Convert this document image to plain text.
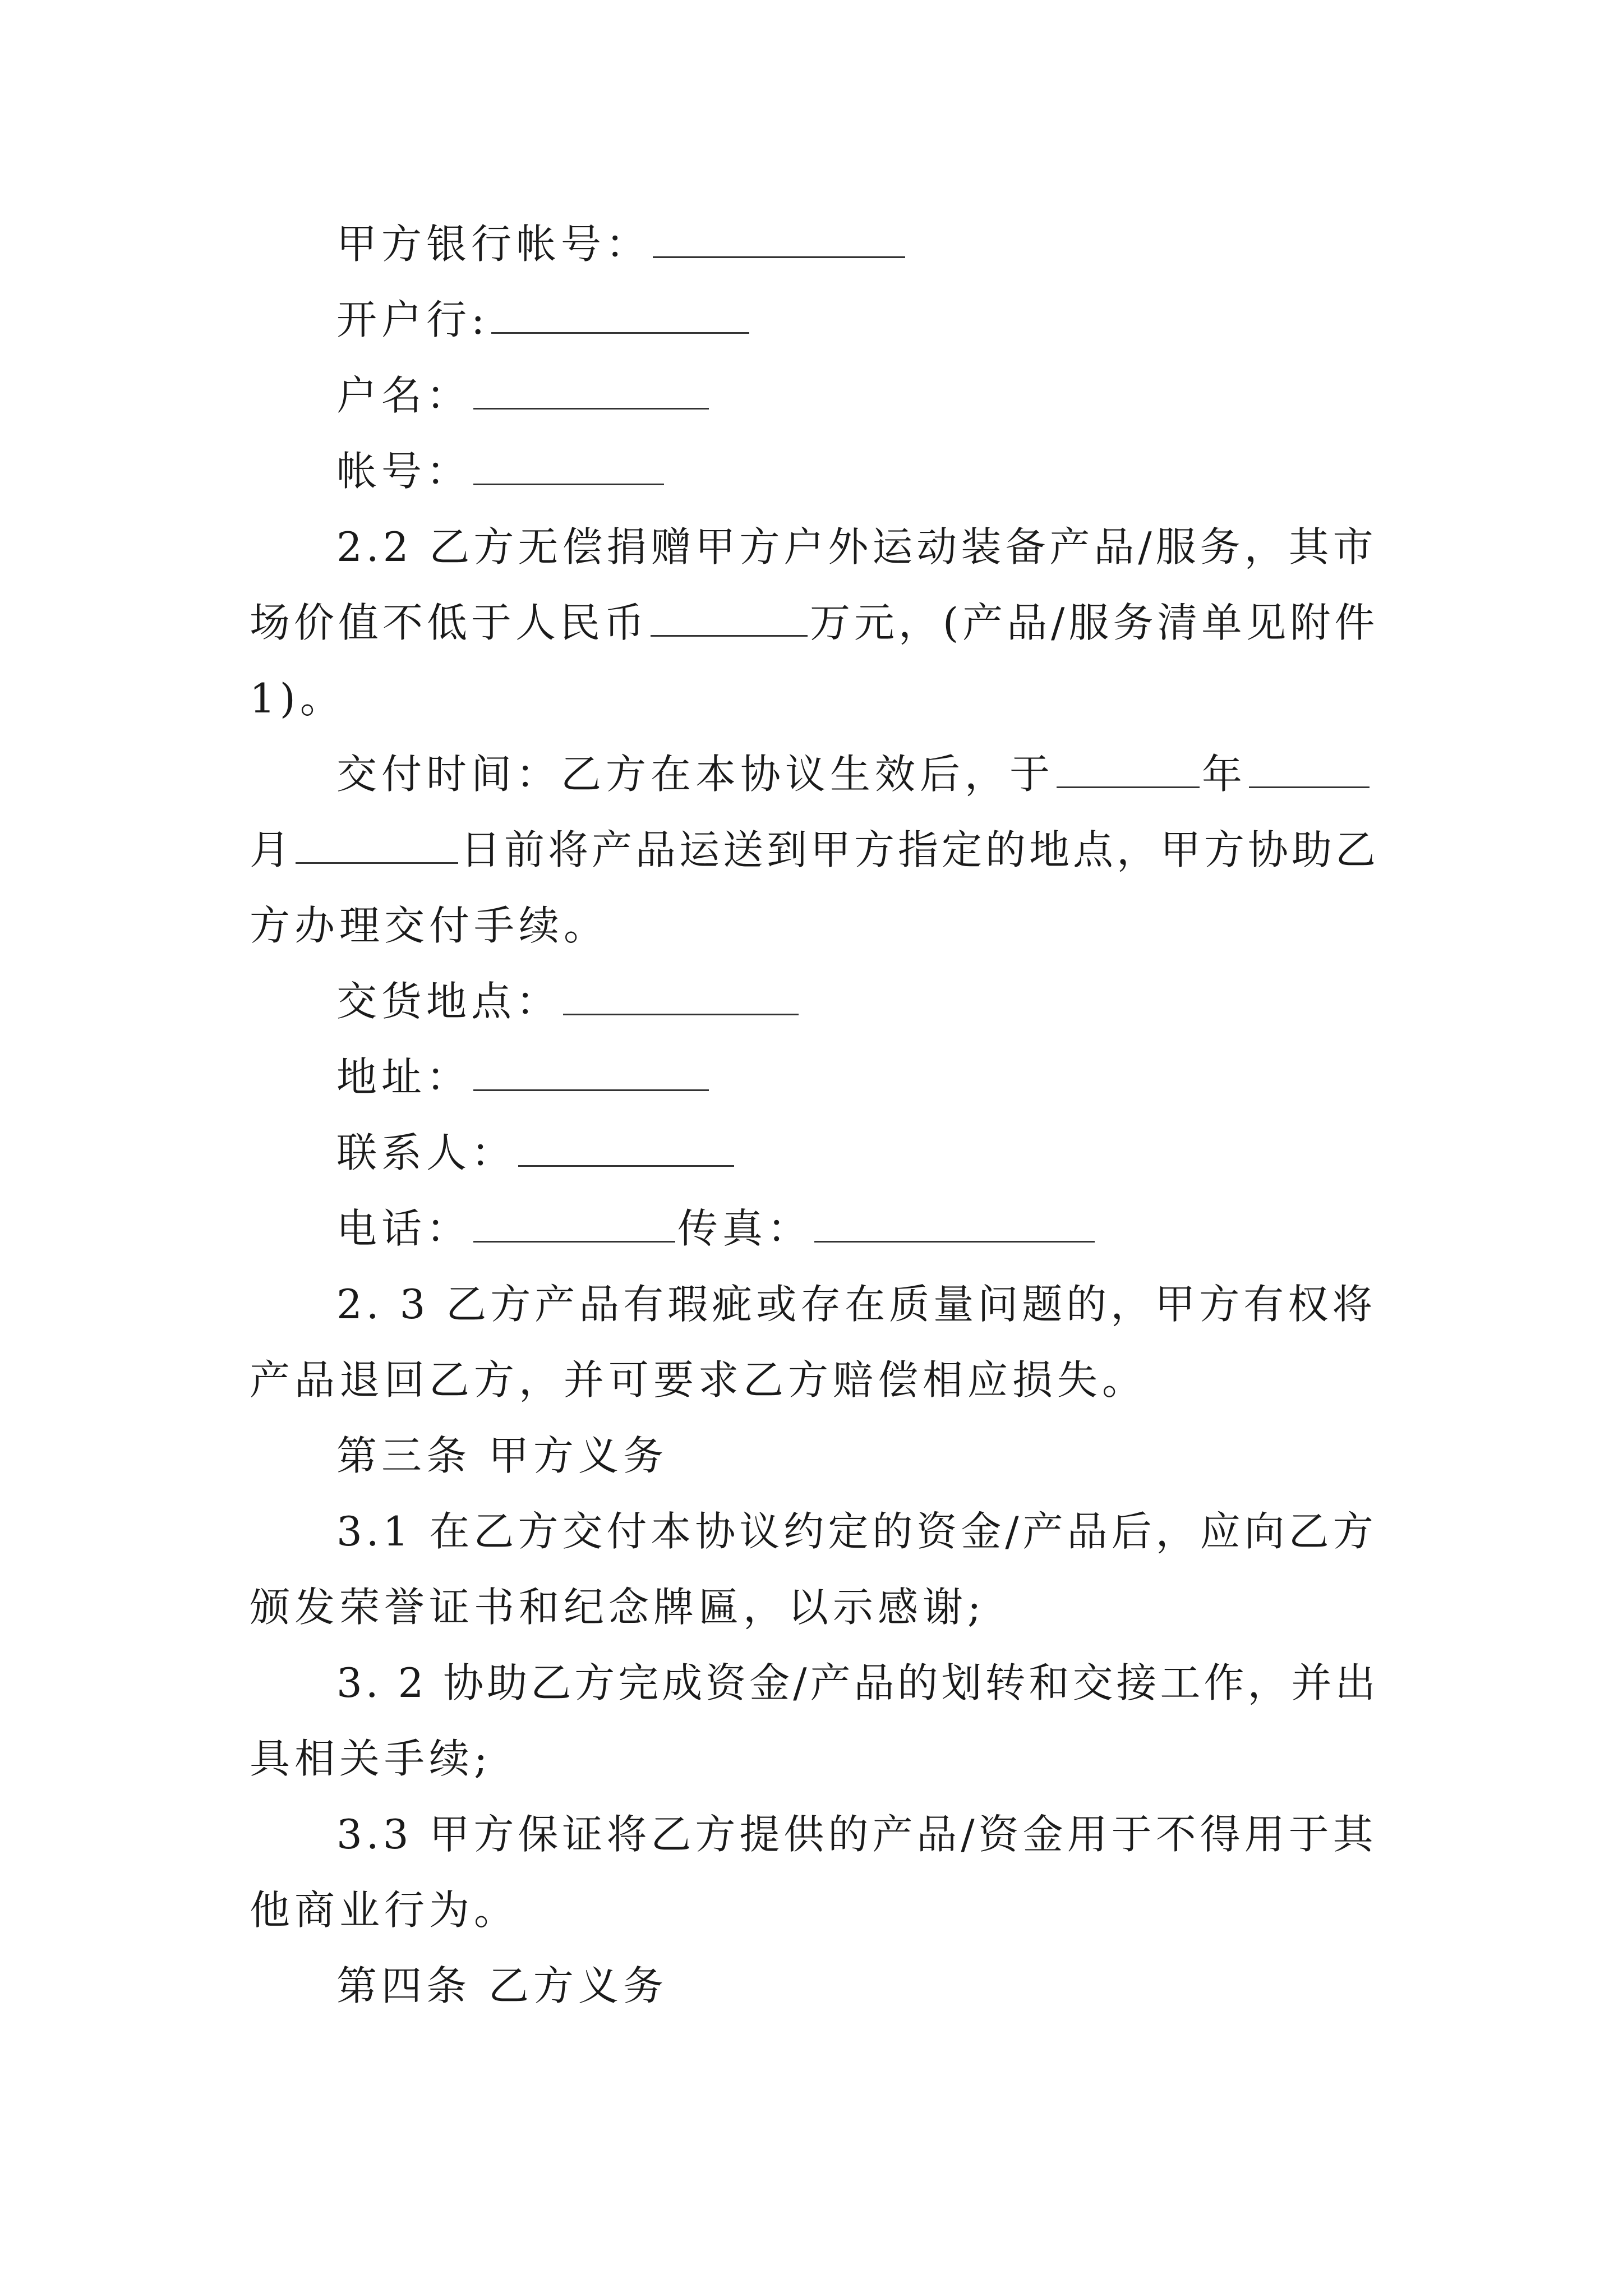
甲方银行帐号：

开户行:

户名：

帐号：

2.2 乙方无偿捐赠甲方户外运动装备产品/服务，其市

场价值不低于人民币	万元，(产品/服务清单见附件

1)。

交付时间：乙方在本协议生效后，于	年

月	日前将产品运送到甲方指定的地点，甲方协助乙

方办理交付手续。

交货地点：

地址：

联系人：

电话：	传真：

2. 3 乙方产品有瑕疵或存在质量问题的，甲方有权将

产品退回乙方，并可要求乙方赔偿相应损失。

第三条 甲方义务

3.1 在乙方交付本协议约定的资金/产品后，应向乙方

颁发荣誉证书和纪念牌匾，以示感谢;

3. 2 协助乙方完成资金/产品的划转和交接工作，并出

具相关手续;

3.3 甲方保证将乙方提供的产品/资金用于不得用于其

他商业行为。

第四条 乙方义务
